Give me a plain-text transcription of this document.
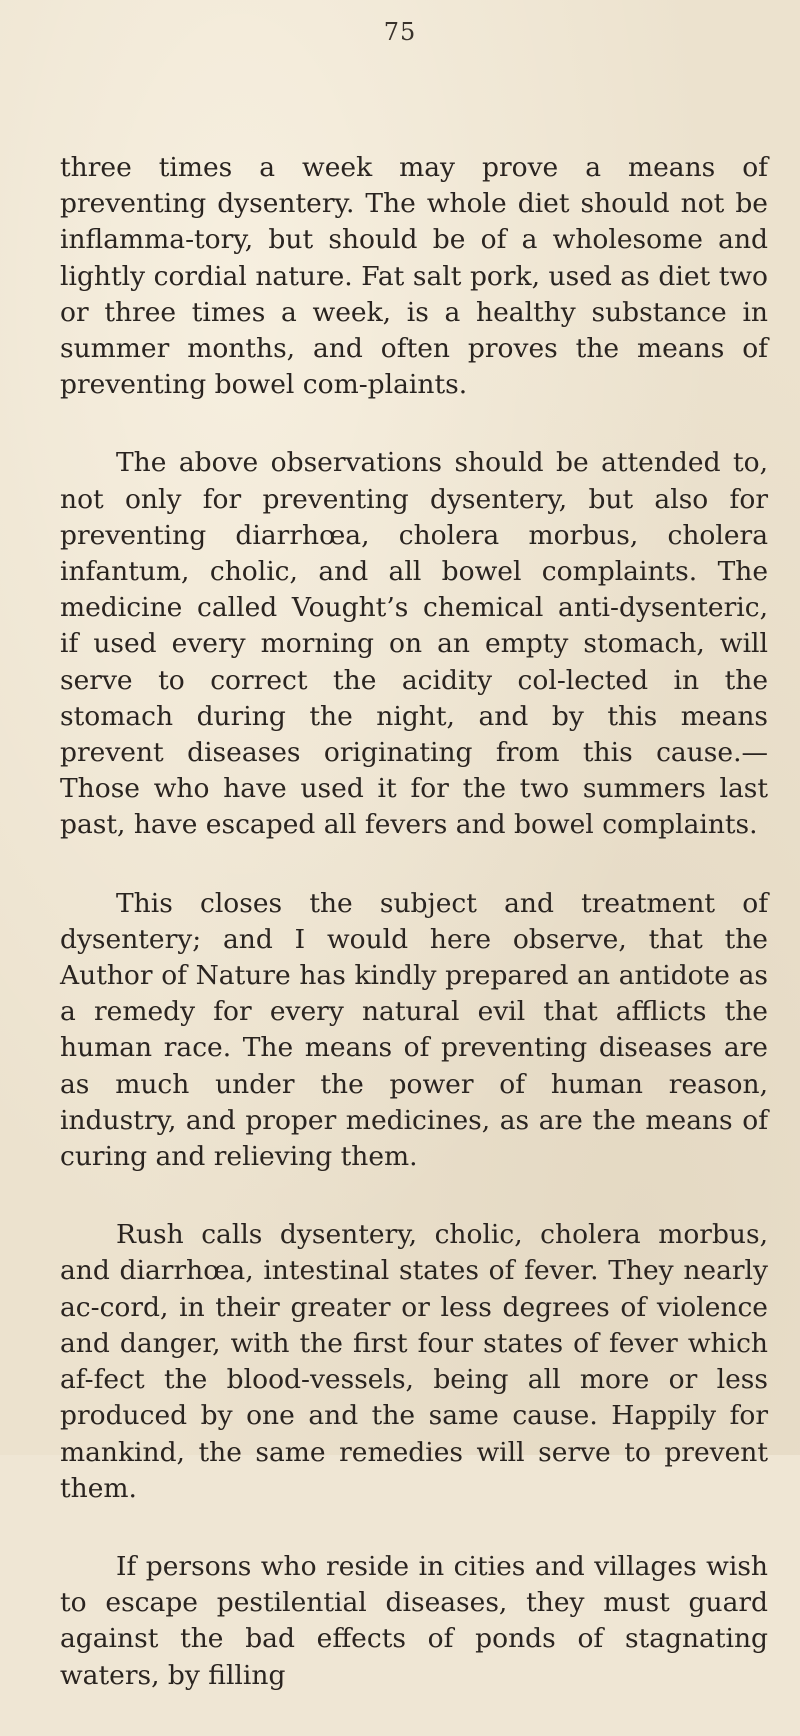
75

three times a week may prove a means of preventing dysentery. The whole diet should not be inflamma-tory, but should be of a wholesome and lightly cordial nature. Fat salt pork, used as diet two or three times a week, is a healthy substance in summer months, and often proves the means of preventing bowel com-plaints.

The above observations should be attended to, not only for preventing dysentery, but also for preventing diarrhœa, cholera morbus, cholera infantum, cholic, and all bowel complaints. The medicine called Vought’s chemical anti-dysenteric, if used every morning on an empty stomach, will serve to correct the acidity col-lected in the stomach during the night, and by this means prevent diseases originating from this cause.— Those who have used it for the two summers last past, have escaped all fevers and bowel complaints.

This closes the subject and treatment of dysentery; and I would here observe, that the Author of Nature has kindly prepared an antidote as a remedy for every natural evil that afflicts the human race. The means of preventing diseases are as much under the power of human reason, industry, and proper medicines, as are the means of curing and relieving them.

Rush calls dysentery, cholic, cholera morbus, and diarrhœa, intestinal states of fever. They nearly ac-cord, in their greater or less degrees of violence and danger, with the first four states of fever which af-fect the blood-vessels, being all more or less produced by one and the same cause. Happily for mankind, the same remedies will serve to prevent them.

If persons who reside in cities and villages wish to escape pestilential diseases, they must guard against the bad effects of ponds of stagnating waters, by filling
